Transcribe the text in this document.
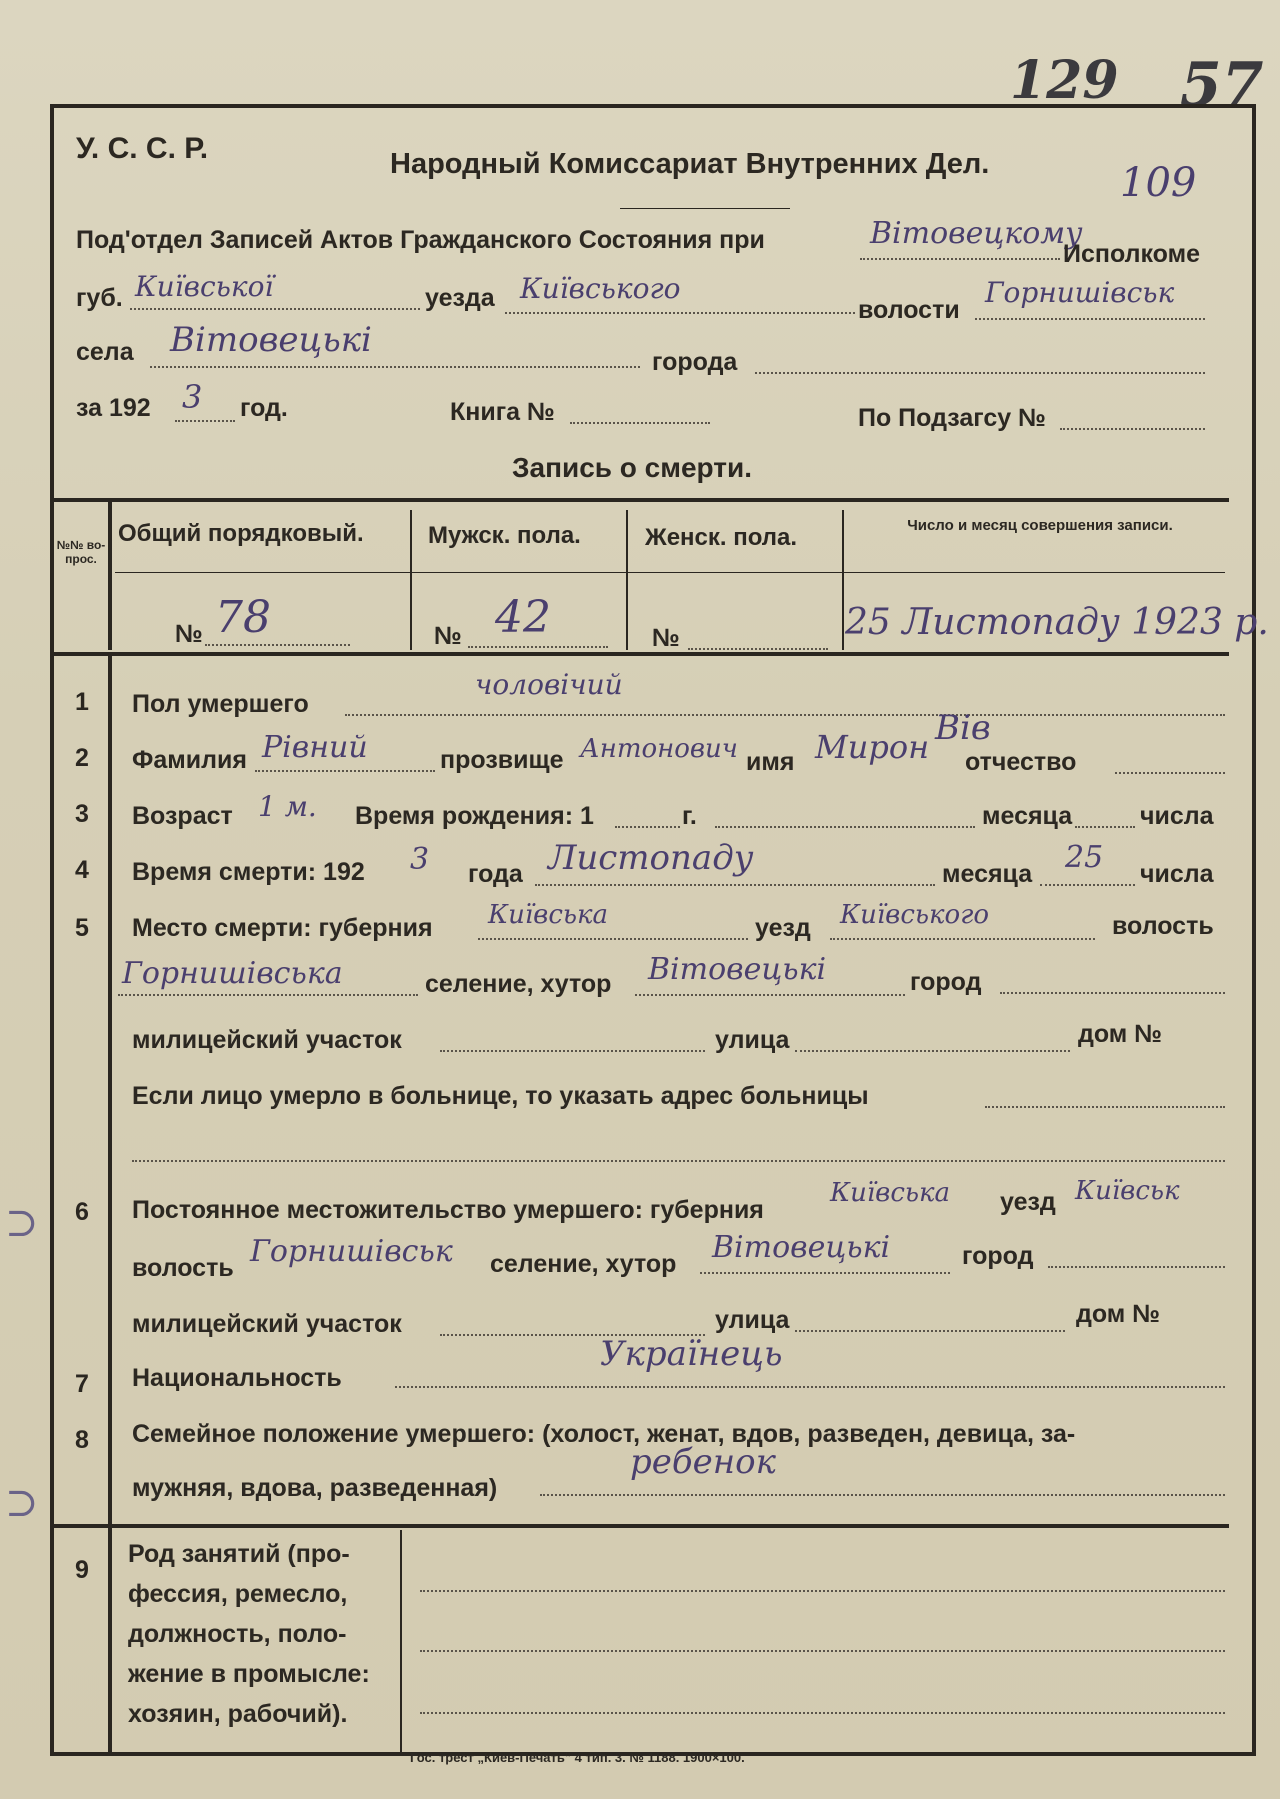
129 57
⊃
⊃
У. С. С. Р.	Народный Комиссариат Внутренних Дел.	109
Под'отдел Записей Актов Гражданского Состояния при	Вітовецкому
Исполкоме
губ. Київської	уезда Київського
волости
Горнишівськ
села Вітовецькі
города
за 192 3 год.	Книга №	По Подзагсу №
Запись о смерти.
№№ во-прос.
Общий порядковый.	Мужск. пола.	Женск. пола.	Число и месяц совершения записи.
№ 78	№ 42	№	25 Листопаду 1923 р.
1	Пол умершего
чоловічий
2	Фамилия Рівний	прозвище Антонович имя Мирон Вів
отчество
3	Возраст 1 м. Время рождения: 1	г.	месяца	числа
4	Время смерти: 192 3 года Листопаду	месяца 25 числа
5	Место смерти: губерния Київська	уезд Київського	волость
Горнишівська	селение, хутор Вітовецькі	город
милицейский участок	улица	дом №
Если лицо умерло в больнице, то указать адрес больницы
6	Постоянное местожительство умершего: губерния
Київська уезд Київськ
волость Горнишівськ селение, хутор Вітовецькі	город
милицейский участок	улица	дом №
7	Национальность
Українець
8	Семейное положение умершего: (холост, женат, вдов, разведен, девица, за-
мужняя, вдова, разведенная)
ребенок
9
Род занятий (про-
фессия, ремесло,
должность, поло-
жение в промысле:
хозяин, рабочий).
Гос. трест „Киев-Печать" 4 тип. 3. № 1188. 1900×100.
